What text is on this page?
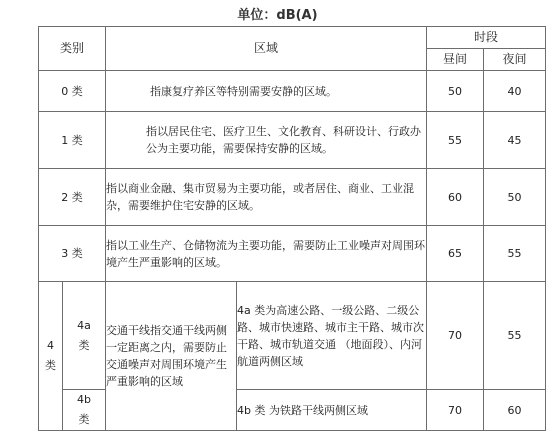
单位：dB(A)
类别		区域		时段	
				昼间	夜间
0 类		指康复疗养区等特别需要安静的区域。		50	40
1 类		指以居民住宅、医疗卫生、文化教育、科研设计、行政办公为主要功能，需要保持安静的区域。		55	45
2 类		指以商业金融、集市贸易为主要功能，或者居住、商业、工业混杂，需要维护住宅安静的区域。		60	50
3 类		指以工业生产、仓储物流为主要功能，需要防止工业噪声对周围环境产生严重影响的区域。		65	55
4 类	4a 类	交通干线指交通干线两侧一定距离之内，需要防止交通噪声对周围环境产生严重影响的区域	4a 类为高速公路、一级公路、二级公路、城市快速路、城市主干路、城市次干路、城市轨道交通 （地面段）、内河航道两侧区域	70	55
	4b 类		4b 类 为铁路干线两侧区域	70	60
